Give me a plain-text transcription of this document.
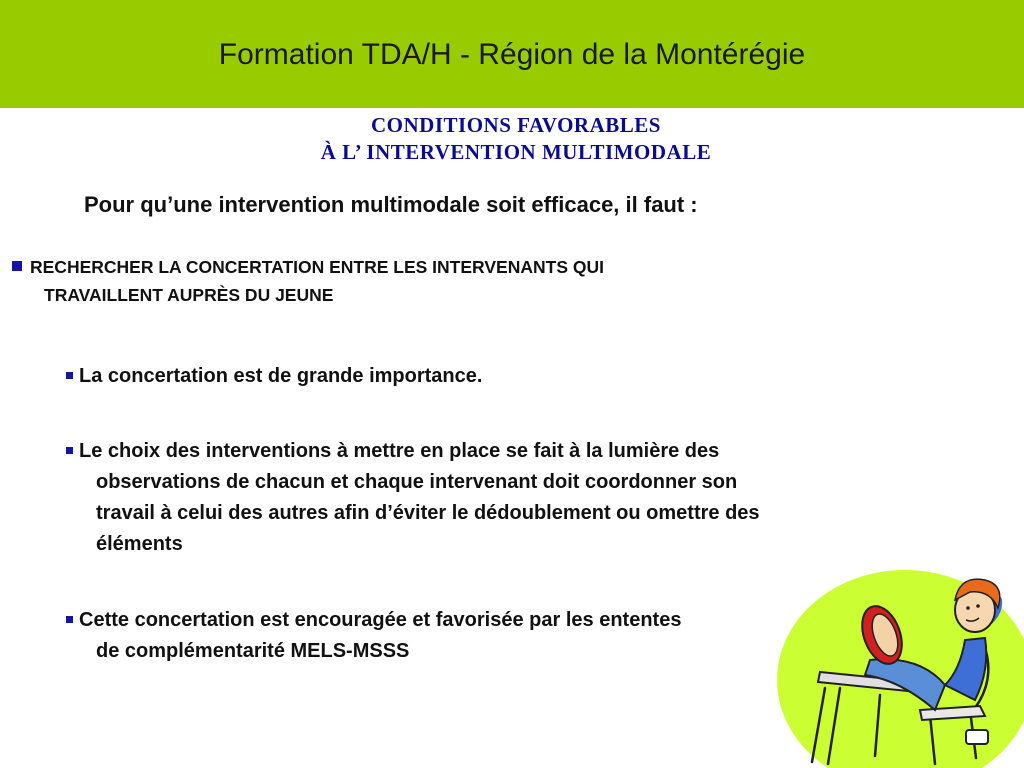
Formation TDA/H - Région de la Montérégie
CONDITIONS FAVORABLES
À L’ INTERVENTION MULTIMODALE
Pour qu’une intervention multimodale soit efficace, il faut :
RECHERCHER LA CONCERTATION ENTRE LES INTERVENANTS QUI
TRAVAILLENT AUPRÈS DU JEUNE
La concertation est de grande importance.
Le choix des interventions à mettre en place se fait à la lumière des
observations de chacun et chaque intervenant doit coordonner son
travail à celui des autres afin d’éviter le dédoublement ou omettre des
éléments
Cette concertation est encouragée et favorisée par les ententes
de complémentarité MELS-MSSS
